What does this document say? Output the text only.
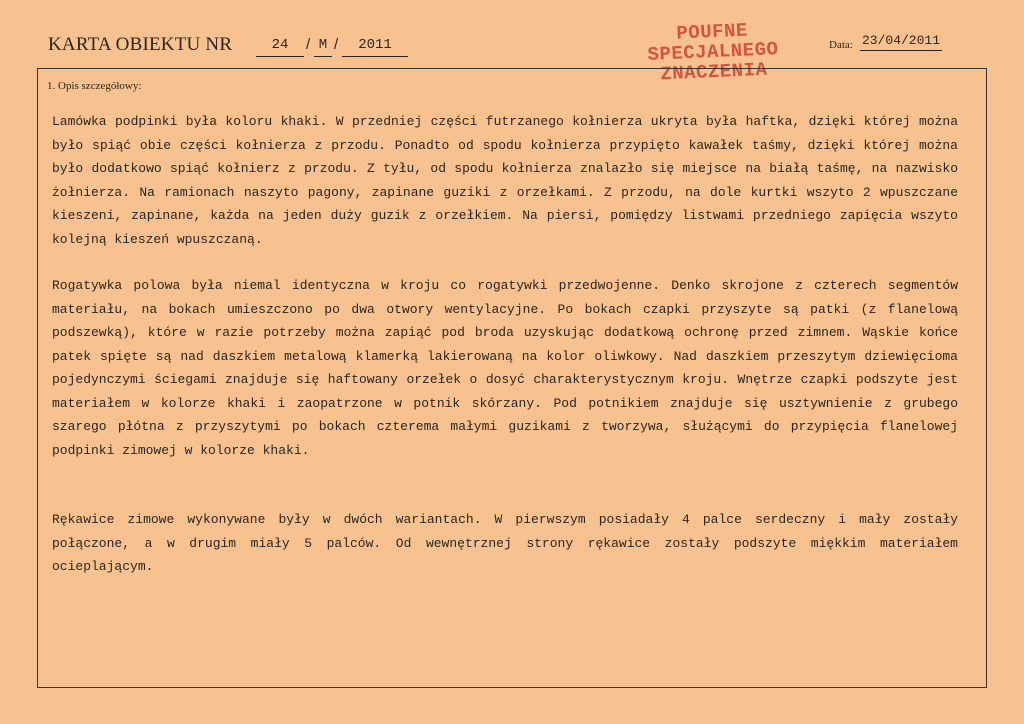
KARTA OBIEKTU NR	24	/ M /	2011
POUFNE
SPECJALNEGO
ZNACZENIA
Data: 23/04/2011
1. Opis szczegółowy:

Lamówka podpinki była koloru khaki. W przedniej części futrzanego kołnierza ukryta była haftka, dzięki której można było spiąć obie części kołnierza z przodu. Ponadto od spodu kołnierza przypięto kawałek taśmy, dzięki której można było dodatkowo spiąć kołnierz z przodu. Z tyłu, od spodu kołnierza znalazło się miejsce na białą taśmę, na nazwisko żołnierza. Na ramionach naszyto pagony, zapinane guziki z orzełkami. Z przodu, na dole kurtki wszyto 2 wpuszczane kieszeni, zapinane, każda na jeden duży guzik z orzełkiem. Na piersi, pomiędzy listwami przedniego zapięcia wszyto kolejną kieszeń wpuszczaną.

Rogatywka polowa była niemal identyczna w kroju co rogatywki przedwojenne. Denko skrojone z czterech segmentów materiału, na bokach umieszczono po dwa otwory wentylacyjne. Po bokach czapki przyszyte są patki (z flanelową podszewką), które w razie potrzeby można zapiąć pod broda uzyskując dodatkową ochronę przed zimnem. Wąskie końce patek spięte są nad daszkiem metalową klamerką lakierowaną na kolor oliwkowy. Nad daszkiem przeszytym dziewięcioma pojedynczymi ściegami znajduje się haftowany orzełek o dosyć charakterystycznym kroju. Wnętrze czapki podszyte jest materiałem w kolorze khaki i zaopatrzone w potnik skórzany. Pod potnikiem znajduje się usztywnienie z grubego szarego płótna z przyszytymi po bokach czterema małymi guzikami z tworzywa, służącymi do przypięcia flanelowej podpinki zimowej w kolorze khaki.

Rękawice zimowe wykonywane były w dwóch wariantach. W pierwszym posiadały 4 palce serdeczny i mały zostały połączone, a w drugim miały 5 palców. Od wewnętrznej strony rękawice zostały podszyte miękkim materiałem ocieplającym.
